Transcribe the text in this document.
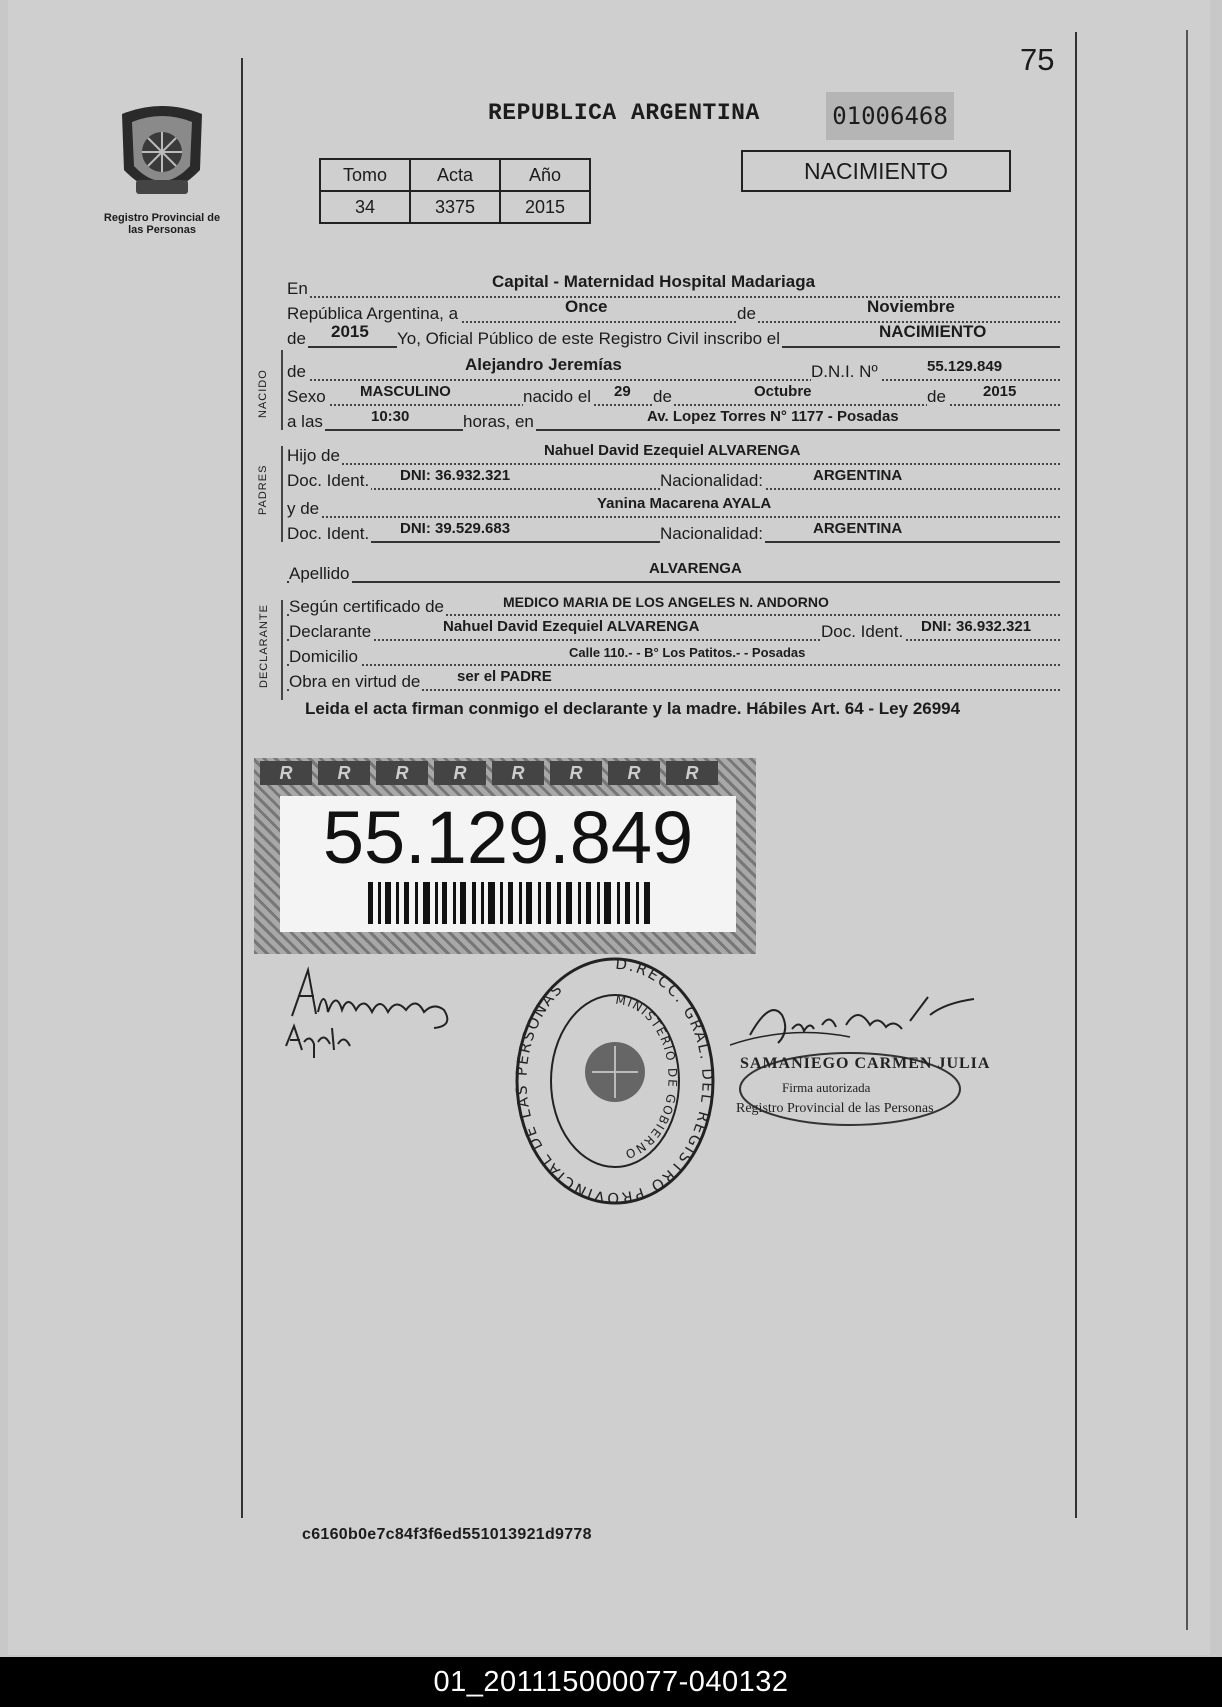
75
Registro Provincial de las Personas
REPUBLICA ARGENTINA	01006468
Tomo	Acta	Año
34	3375	2015
NACIMIENTO
NACIDO
PADRES
DECLARANTE
En	Capital - Maternidad Hospital Madariaga
República Argentina, a	Once	de	Noviembre
de 2015 Yo, Oficial Público de este Registro Civil inscribo el	NACIMIENTO
de	Alejandro Jeremías	D.N.I. Nº	55.129.849
Sexo MASCULINO	nacido el 29 de	Octubre	de 2015
a las	10:30	horas, en	Av. Lopez Torres N° 1177 - Posadas
Hijo de	Nahuel David Ezequiel ALVARENGA
Doc. Ident. DNI: 36.932.321	Nacionalidad:	ARGENTINA
y de	Yanina Macarena AYALA
Doc. Ident. DNI: 39.529.683	Nacionalidad:	ARGENTINA
Apellido	ALVARENGA
Según certificado de	MEDICO MARIA DE LOS ANGELES N. ANDORNO
Declarante	Nahuel David Ezequiel ALVARENGA	Doc. Ident. DNI: 36.932.321
Domicilio	Calle 110.- - B° Los Patitos.- - Posadas
Obra en virtud de ser el PADRE
Leida el acta firman conmigo el declarante y la madre. Hábiles Art. 64 - Ley 26994
R	R	R	R	R	R	R	R
55.129.849
D.RECC. GRAL. DEL REGISTRO PROVINCIAL DE LAS PERSONAS
MINISTERIO DE GOBIERNO
SAMANIEGO CARMEN JULIA
Firma autorizada
Registro Provincial de las Personas
c6160b0e7c84f3f6ed551013921d9778
01_201115000077-040132
